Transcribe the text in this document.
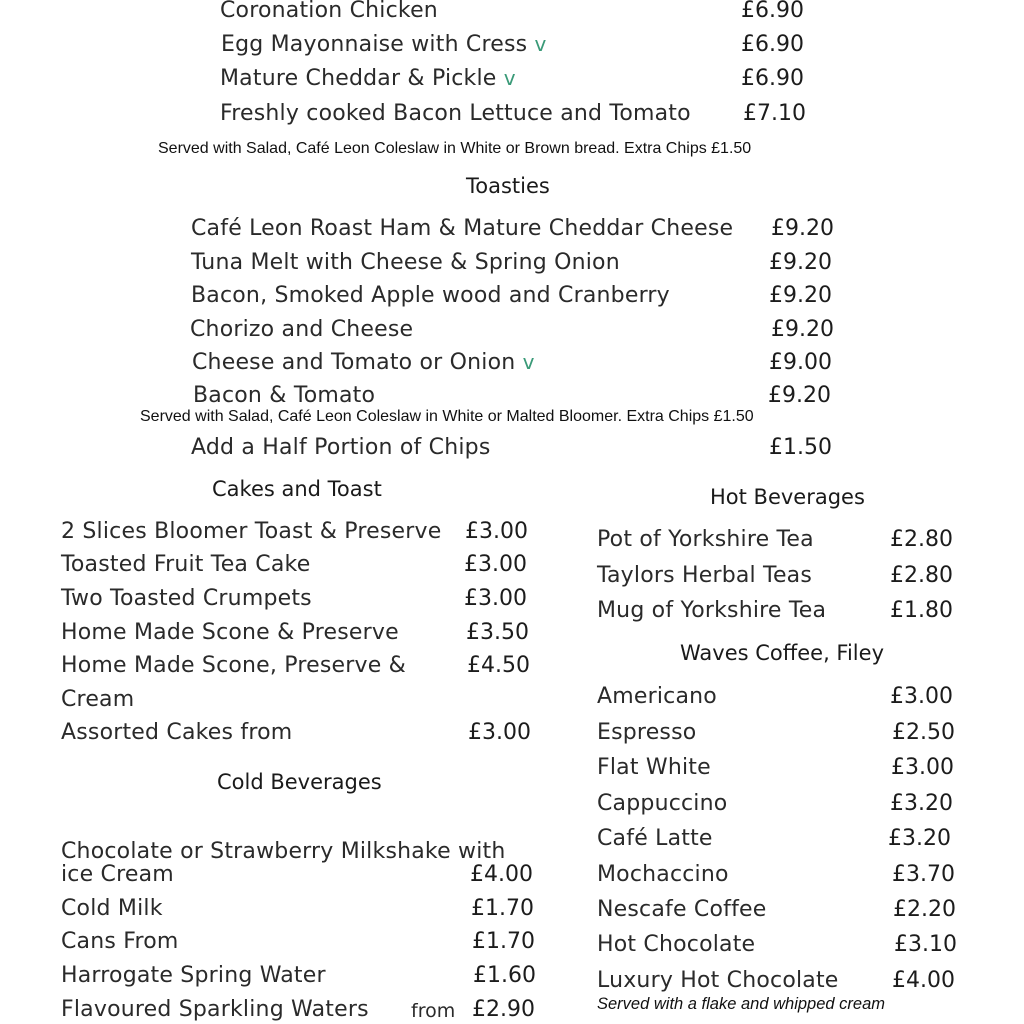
Coronation Chicken	£6.90
Egg Mayonnaise with Cress v	£6.90
Mature Cheddar & Pickle v	£6.90
Freshly cooked Bacon Lettuce and Tomato £7.10
Served with Salad, Café Leon Coleslaw in White or Brown bread. Extra Chips £1.50
Toasties
Café Leon Roast Ham & Mature Cheddar Cheese £9.20
Tuna Melt with Cheese & Spring Onion	£9.20
Bacon, Smoked Apple wood and Cranberry	£9.20
Chorizo and Cheese	£9.20
Cheese and Tomato or Onion v	£9.00
Bacon & Tomato	£9.20
Served with Salad, Café Leon Coleslaw in White or Malted Bloomer. Extra Chips £1.50
Add a Half Portion of Chips	£1.50
Cakes and Toast
2 Slices Bloomer Toast & Preserve £3.00
Toasted Fruit Tea Cake	£3.00
Two Toasted Crumpets	£3.00
Home Made Scone & Preserve	£3.50
Home Made Scone, Preserve &
Cream
£4.50
Assorted Cakes from	£3.00
Cold Beverages
Chocolate or Strawberry Milkshake with
ice Cream	£4.00
Cold Milk	£1.70
Cans From	£1.70
Harrogate Spring Water	£1.60
Flavoured Sparkling Waters from £2.90
Hot Beverages
Pot of Yorkshire Tea	£2.80
Taylors Herbal Teas	£2.80
Mug of Yorkshire Tea	£1.80
Waves Coffee, Filey
Americano	£3.00
Espresso	£2.50
Flat White	£3.00
Cappuccino	£3.20
Café Latte	£3.20
Mochaccino	£3.70
Nescafe Coffee	£2.20
Hot Chocolate	£3.10
Luxury Hot Chocolate £4.00
Served with a flake and whipped cream
